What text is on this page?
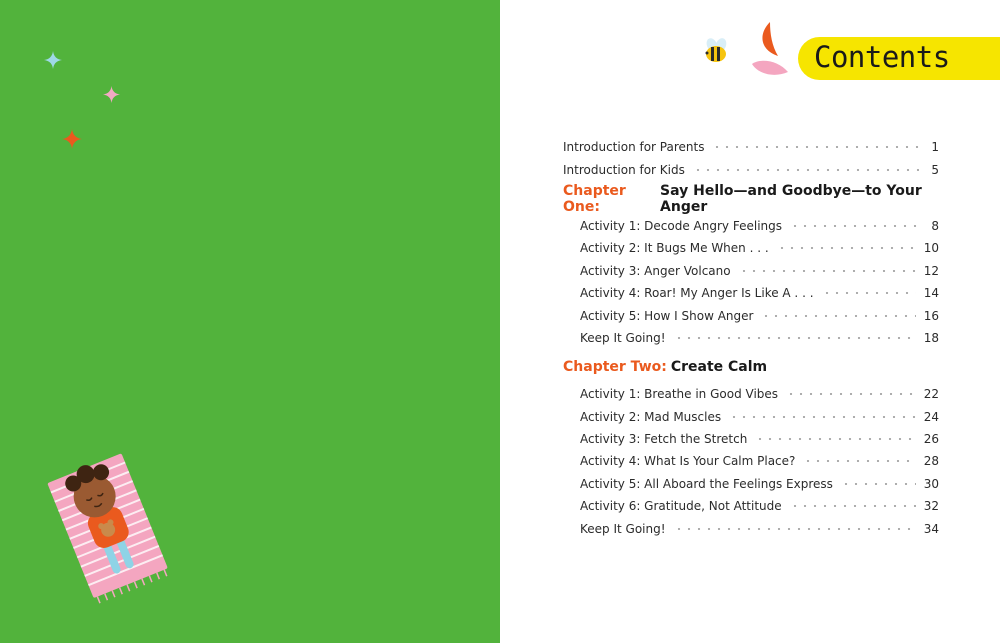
Contents
Introduction for Parents	1
Introduction for Kids	5
Chapter One:
Say Hello—and Goodbye—to Your Anger
Activity 1: Decode Angry Feelings	8
Activity 2: It Bugs Me When . . .	10
Activity 3: Anger Volcano	12
Activity 4: Roar! My Anger Is Like A . . .	14
Activity 5: How I Show Anger	16
Keep It Going!	18
Chapter Two: Create Calm
Activity 1: Breathe in Good Vibes	22
Activity 2: Mad Muscles	24
Activity 3: Fetch the Stretch	26
Activity 4: What Is Your Calm Place?	28
Activity 5: All Aboard the Feelings Express	30
Activity 6: Gratitude, Not Attitude	32
Keep It Going!	34
